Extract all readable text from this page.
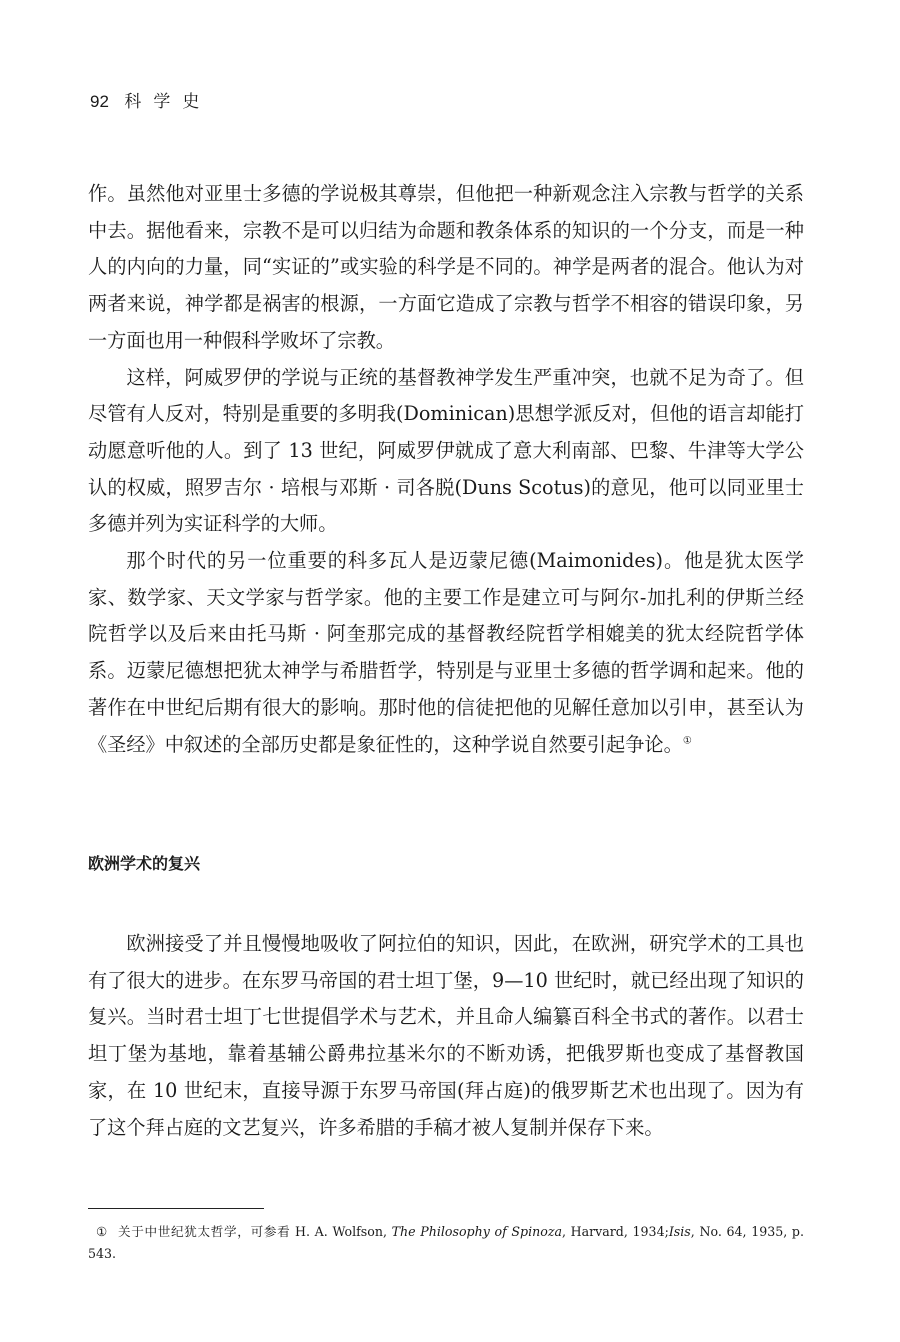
92 科学史

作。虽然他对亚里士多德的学说极其尊崇，但他把一种新观念注入宗教与哲学的关系中去。据他看来，宗教不是可以归结为命题和教条体系的知识的一个分支，而是一种人的内向的力量，同“实证的”或实验的科学是不同的。神学是两者的混合。他认为对两者来说，神学都是祸害的根源，一方面它造成了宗教与哲学不相容的错误印象，另一方面也用一种假科学败坏了宗教。

这样，阿威罗伊的学说与正统的基督教神学发生严重冲突，也就不足为奇了。但尽管有人反对，特别是重要的多明我(Dominican)思想学派反对，但他的语言却能打动愿意听他的人。到了 13 世纪，阿威罗伊就成了意大利南部、巴黎、牛津等大学公认的权威，照罗吉尔 · 培根与邓斯 · 司各脱(Duns Scotus)的意见，他可以同亚里士多德并列为实证科学的大师。

那个时代的另一位重要的科多瓦人是迈蒙尼德(Maimonides)。他是犹太医学家、数学家、天文学家与哲学家。他的主要工作是建立可与阿尔-加扎利的伊斯兰经院哲学以及后来由托马斯 · 阿奎那完成的基督教经院哲学相媲美的犹太经院哲学体系。迈蒙尼德想把犹太神学与希腊哲学，特别是与亚里士多德的哲学调和起来。他的著作在中世纪后期有很大的影响。那时他的信徒把他的见解任意加以引申，甚至认为《圣经》中叙述的全部历史都是象征性的，这种学说自然要引起争论。①

欧洲学术的复兴

欧洲接受了并且慢慢地吸收了阿拉伯的知识，因此，在欧洲，研究学术的工具也有了很大的进步。在东罗马帝国的君士坦丁堡，9—10 世纪时，就已经出现了知识的复兴。当时君士坦丁七世提倡学术与艺术，并且命人编纂百科全书式的著作。以君士坦丁堡为基地，靠着基辅公爵弗拉基米尔的不断劝诱，把俄罗斯也变成了基督教国家，在 10 世纪末，直接导源于东罗马帝国(拜占庭)的俄罗斯艺术也出现了。因为有了这个拜占庭的文艺复兴，许多希腊的手稿才被人复制并保存下来。

① 关于中世纪犹太哲学，可参看 H. A. Wolfson, The Philosophy of Spinoza, Harvard, 1934;Isis, No. 64, 1935, p. 543.
